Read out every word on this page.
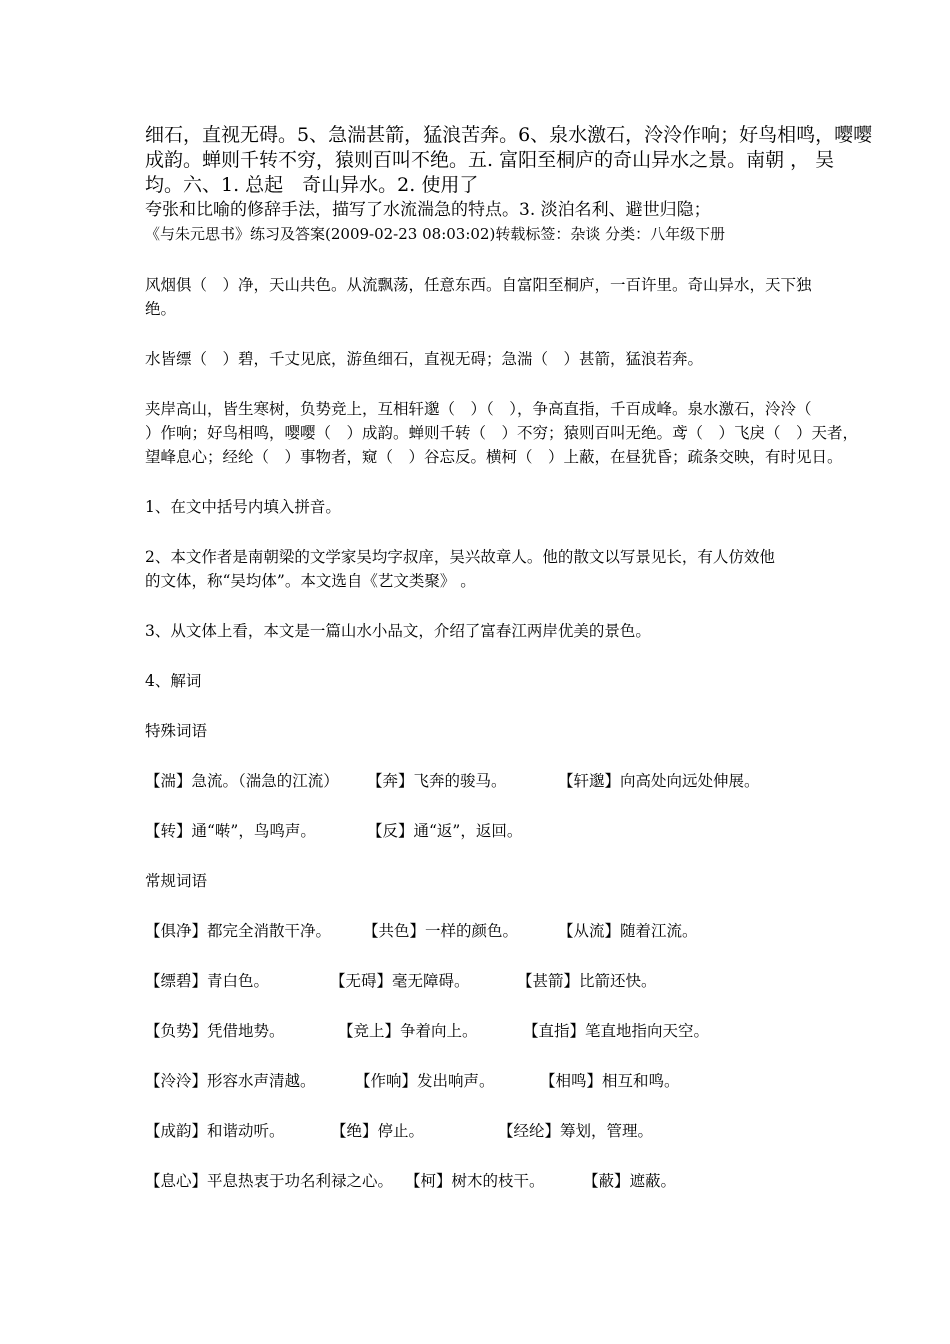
细石，直视无碍。5、急湍甚箭，猛浪苦奔。6、泉水激石，泠泠作响；好鸟相鸣，嘤嘤
成韵。蝉则千转不穷，猿则百叫不绝。五. 富阳至桐庐的奇山异水之景。南朝 ， 吴
均。六、1. 总起　奇山异水。2. 使用了
夸张和比喻的修辞手法，描写了水流湍急的特点。3. 淡泊名利、避世归隐；
《与朱元思书》练习及答案(2009-02-23 08:03:02)转载标签：杂谈 分类：八年级下册
风烟俱（　）净，天山共色。从流飘荡，任意东西。自富阳至桐庐，一百许里。奇山异水，天下独
绝。
水皆缥（　）碧，千丈见底，游鱼细石，直视无碍；急湍（　）甚箭，猛浪若奔。
夹岸高山，皆生寒树，负势竞上，互相轩邈（　）（　），争高直指，千百成峰。泉水激石，泠泠（
）作响；好鸟相鸣，嘤嘤（　）成韵。蝉则千转（　）不穷；猿则百叫无绝。鸢（　）飞戾（　）天者，
望峰息心；经纶（　）事物者，窥（　）谷忘反。横柯（　）上蔽，在昼犹昏；疏条交映，有时见日。
1、在文中括号内填入拼音。
2、本文作者是南朝梁的文学家吴均字叔庠，吴兴故章人。他的散文以写景见长，有人仿效他
的文体，称“吴均体”。本文选自《艺文类聚》 。
3、从文体上看，本文是一篇山水小品文，介绍了富春江两岸优美的景色。
4、解词
特殊词语
【湍】急流。（湍急的江流） 【奔】飞奔的骏马。	【轩邈】向高处向远处伸展。
【转】通“啭”，鸟鸣声。	【反】通“返”，返回。
常规词语
【俱净】都完全消散干净。 【共色】一样的颜色。	【从流】随着江流。
【缥碧】青白色。	【无碍】毫无障碍。	【甚箭】比箭还快。
【负势】凭借地势。	【竞上】争着向上。	【直指】笔直地指向天空。
【泠泠】形容水声清越。	【作响】发出响声。	【相鸣】相互和鸣。
【成韵】和谐动听。	【绝】停止。	【经纶】筹划，管理。
【息心】平息热衷于功名利禄之心。 【柯】树木的枝干。 【蔽】遮蔽。
